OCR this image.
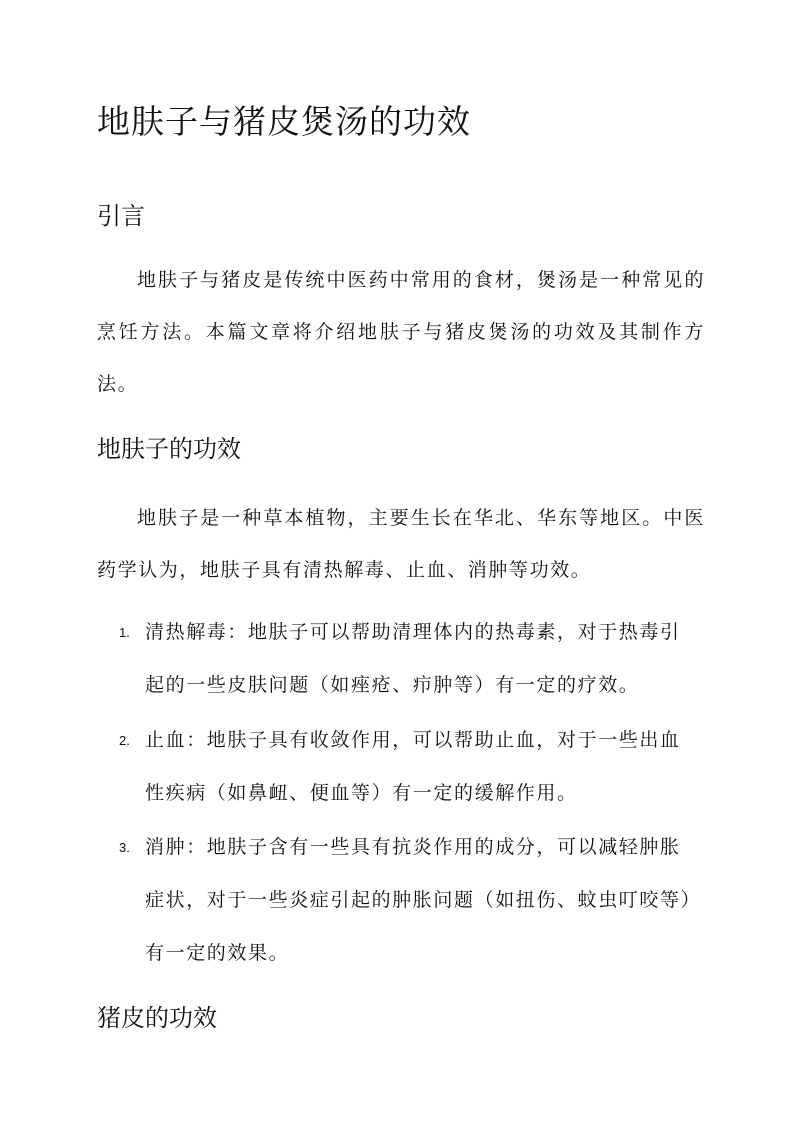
地肤子与猪皮煲汤的功效
引言

地肤子与猪皮是传统中医药中常用的食材，煲汤是一种常见的烹饪方法。本篇文章将介绍地肤子与猪皮煲汤的功效及其制作方法。

地肤子的功效

地肤子是一种草本植物，主要生长在华北、华东等地区。中医药学认为，地肤子具有清热解毒、止血、消肿等功效。

1. 清热解毒：地肤子可以帮助清理体内的热毒素，对于热毒引起的一些皮肤问题（如痤疮、疖肿等）有一定的疗效。
2. 止血：地肤子具有收敛作用，可以帮助止血，对于一些出血性疾病（如鼻衄、便血等）有一定的缓解作用。
3. 消肿：地肤子含有一些具有抗炎作用的成分，可以减轻肿胀症状，对于一些炎症引起的肿胀问题（如扭伤、蚊虫叮咬等）有一定的效果。
猪皮的功效
